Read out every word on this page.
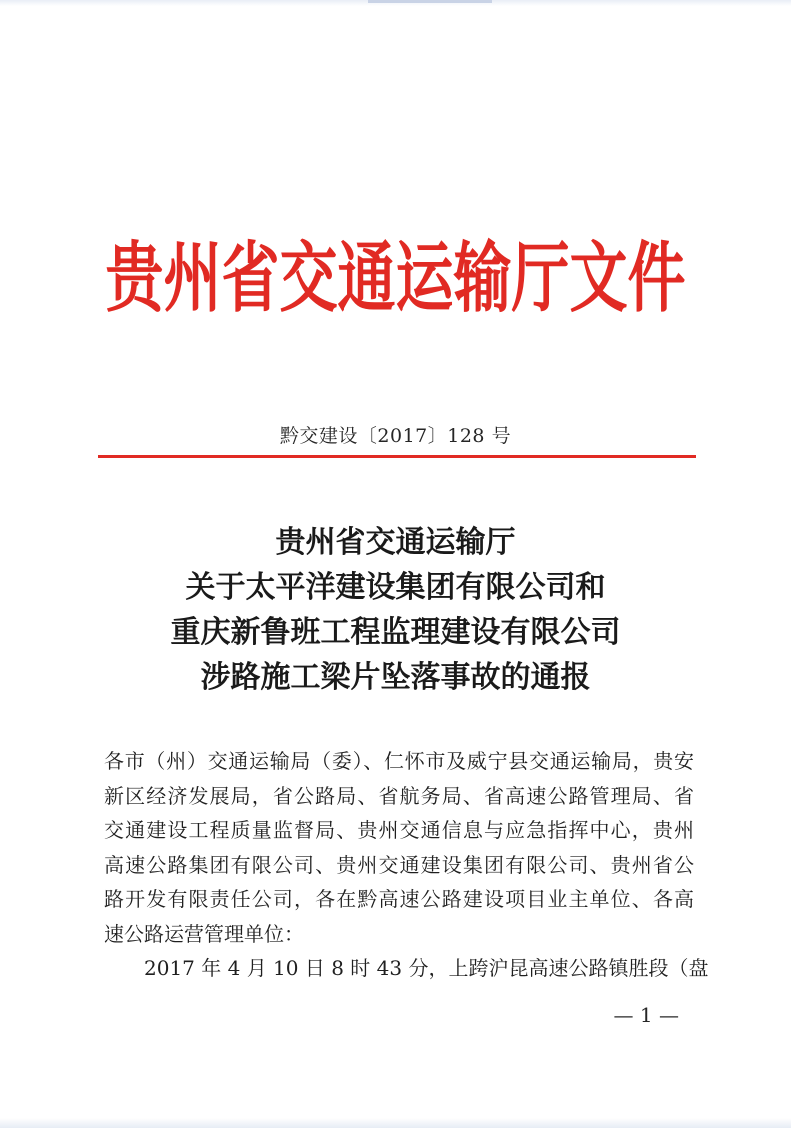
贵州省交通运输厅文件
黔交建设〔2017〕128 号
贵州省交通运输厅
关于太平洋建设集团有限公司和
重庆新鲁班工程监理建设有限公司
涉路施工梁片坠落事故的通报
各市（州）交通运输局（委）、仁怀市及威宁县交通运输局，贵安
新区经济发展局，省公路局、省航务局、省高速公路管理局、省
交通建设工程质量监督局、贵州交通信息与应急指挥中心，贵州
高速公路集团有限公司、贵州交通建设集团有限公司、贵州省公
路开发有限责任公司，各在黔高速公路建设项目业主单位、各高
速公路运营管理单位：
2017 年 4 月 10 日 8 时 43 分，上跨沪昆高速公路镇胜段（盘
— 1 —
